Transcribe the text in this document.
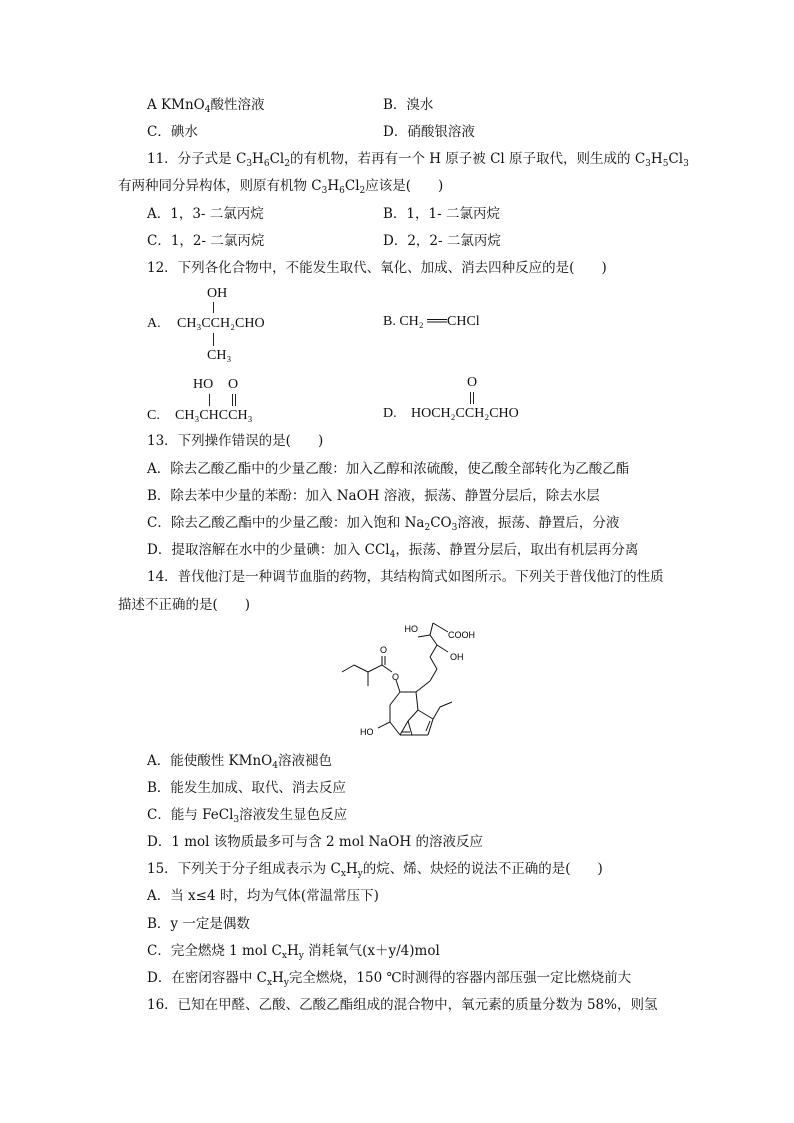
A KMnO$_4$酸性溶液	B．溴水
C．碘水	D．硝酸银溶液
11．分子式是 $C_3H_6Cl_2$的有机物，若再有一个 H 原子被 Cl 原子取代，则生成的 $C_3H_5Cl_3$
有两种同分异构体，则原有机物 $C_3H_6Cl_2$应该是(　　)
A．1，3- 二氯丙烷	B．1，1- 二氯丙烷
C．1，2- 二氯丙烷	D．2，2- 二氯丙烷
12．下列各化合物中，不能发生取代、氧化、加成、消去四种反应的是(　　)
OH
A. CH₃CCH₂CHO
CH₃
B. CH₂ ══CHCl
HO O
C. CH₃CHCCH₃
O
D. HOCH₂CCH₂CHO
13．下列操作错误的是(　　)
A．除去乙酸乙酯中的少量乙酸：加入乙醇和浓硫酸，使乙酸全部转化为乙酸乙酯
B．除去苯中少量的苯酚：加入 NaOH 溶液，振荡、静置分层后，除去水层
C．除去乙酸乙酯中的少量乙酸：加入饱和 $Na_2CO_3$溶液，振荡、静置后，分液
D．提取溶解在水中的少量碘：加入 CCl$_4$，振荡、静置分层后，取出有机层再分离
14．普伐他汀是一种调节血脂的药物，其结构简式如图所示。下列关于普伐他汀的性质
描述不正确的是(　　)
HO
COOH
OH
O
O
HO
A．能使酸性 KMnO$_4$溶液褪色
B．能发生加成、取代、消去反应
C．能与 FeCl$_3$溶液发生显色反应
D．1 mol 该物质最多可与含 2 mol NaOH 的溶液反应
15．下列关于分子组成表示为 $C_xH_y$的烷、烯、炔烃的说法不正确的是(　　)
A．当 x≤4 时，均为气体(常温常压下)
B．y 一定是偶数
C．完全燃烧 1 mol $C_xH_y$ 消耗氧气(x＋y/4)mol
D．在密闭容器中 $C_xH_y$完全燃烧，150 ℃时测得的容器内部压强一定比燃烧前大
16．已知在甲醛、乙酸、乙酸乙酯组成的混合物中，氧元素的质量分数为 58%，则氢
